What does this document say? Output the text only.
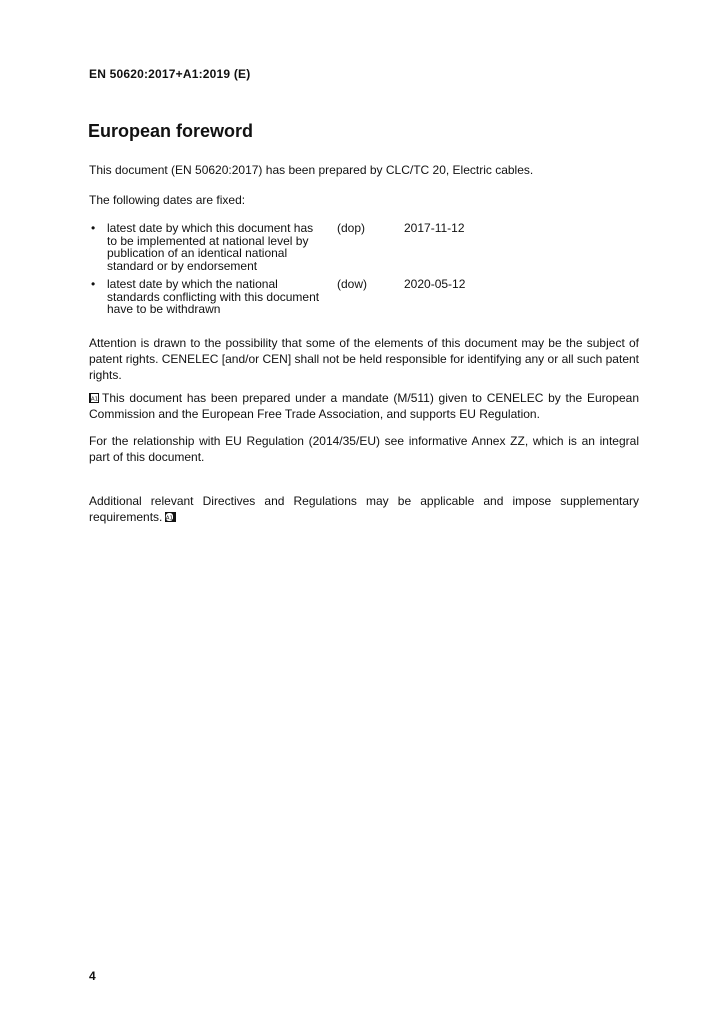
EN 50620:2017+A1:2019 (E)
European foreword
This document (EN 50620:2017) has been prepared by CLC/TC 20, Electric cables.
The following dates are fixed:
• latest date by which this document has to be implemented at national level by publication of an identical national standard or by endorsement
(dop)	2017-11-12
• latest date by which the national standards conflicting with this document have to be withdrawn
(dow)	2020-05-12
Attention is drawn to the possibility that some of the elements of this document may be the subject of patent rights. CENELEC [and/or CEN] shall not be held responsible for identifying any or all such patent rights.
A1 This document has been prepared under a mandate (M/511) given to CENELEC by the European Commission and the European Free Trade Association, and supports EU Regulation.
For the relationship with EU Regulation (2014/35/EU) see informative Annex ZZ, which is an integral part of this document.
Additional relevant Directives and Regulations may be applicable and impose supplementary requirements. A1
4
